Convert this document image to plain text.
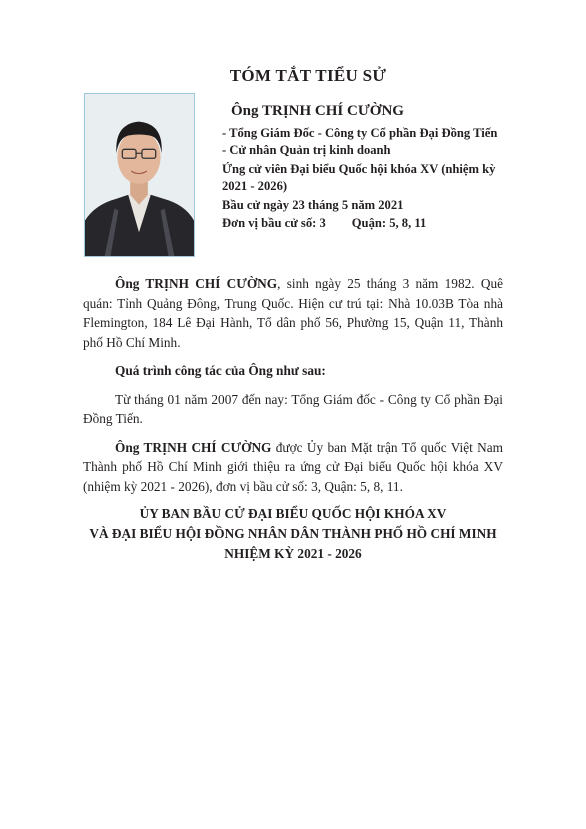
TÓM TẮT TIỂU SỬ
Ông TRỊNH CHÍ CƯỜNG
- Tổng Giám Đốc - Công ty Cổ phần Đại Đồng Tiến
- Cử nhân Quản trị kinh doanh
Ứng cử viên Đại biểu Quốc hội khóa XV (nhiệm kỳ 2021 - 2026)
Bầu cử ngày 23 tháng 5 năm 2021
Đơn vị bầu cử số: 3 Quận: 5, 8, 11

Ông TRỊNH CHÍ CƯỜNG, sinh ngày 25 tháng 3 năm 1982. Quê quán: Tỉnh Quảng Đông, Trung Quốc. Hiện cư trú tại: Nhà 10.03B Tòa nhà Flemington, 184 Lê Đại Hành, Tổ dân phố 56, Phường 15, Quận 11, Thành phố Hồ Chí Minh.

Quá trình công tác của Ông như sau:

Từ tháng 01 năm 2007 đến nay: Tổng Giám đốc - Công ty Cổ phần Đại Đồng Tiến.

Ông TRỊNH CHÍ CƯỜNG được Ủy ban Mặt trận Tổ quốc Việt Nam Thành phố Hồ Chí Minh giới thiệu ra ứng cử Đại biểu Quốc hội khóa XV (nhiệm kỳ 2021 - 2026), đơn vị bầu cử số: 3, Quận: 5, 8, 11.

ỦY BAN BẦU CỬ ĐẠI BIỂU QUỐC HỘI KHÓA XV
VÀ ĐẠI BIỂU HỘI ĐỒNG NHÂN DÂN THÀNH PHỐ HỒ CHÍ MINH
NHIỆM KỲ 2021 - 2026
